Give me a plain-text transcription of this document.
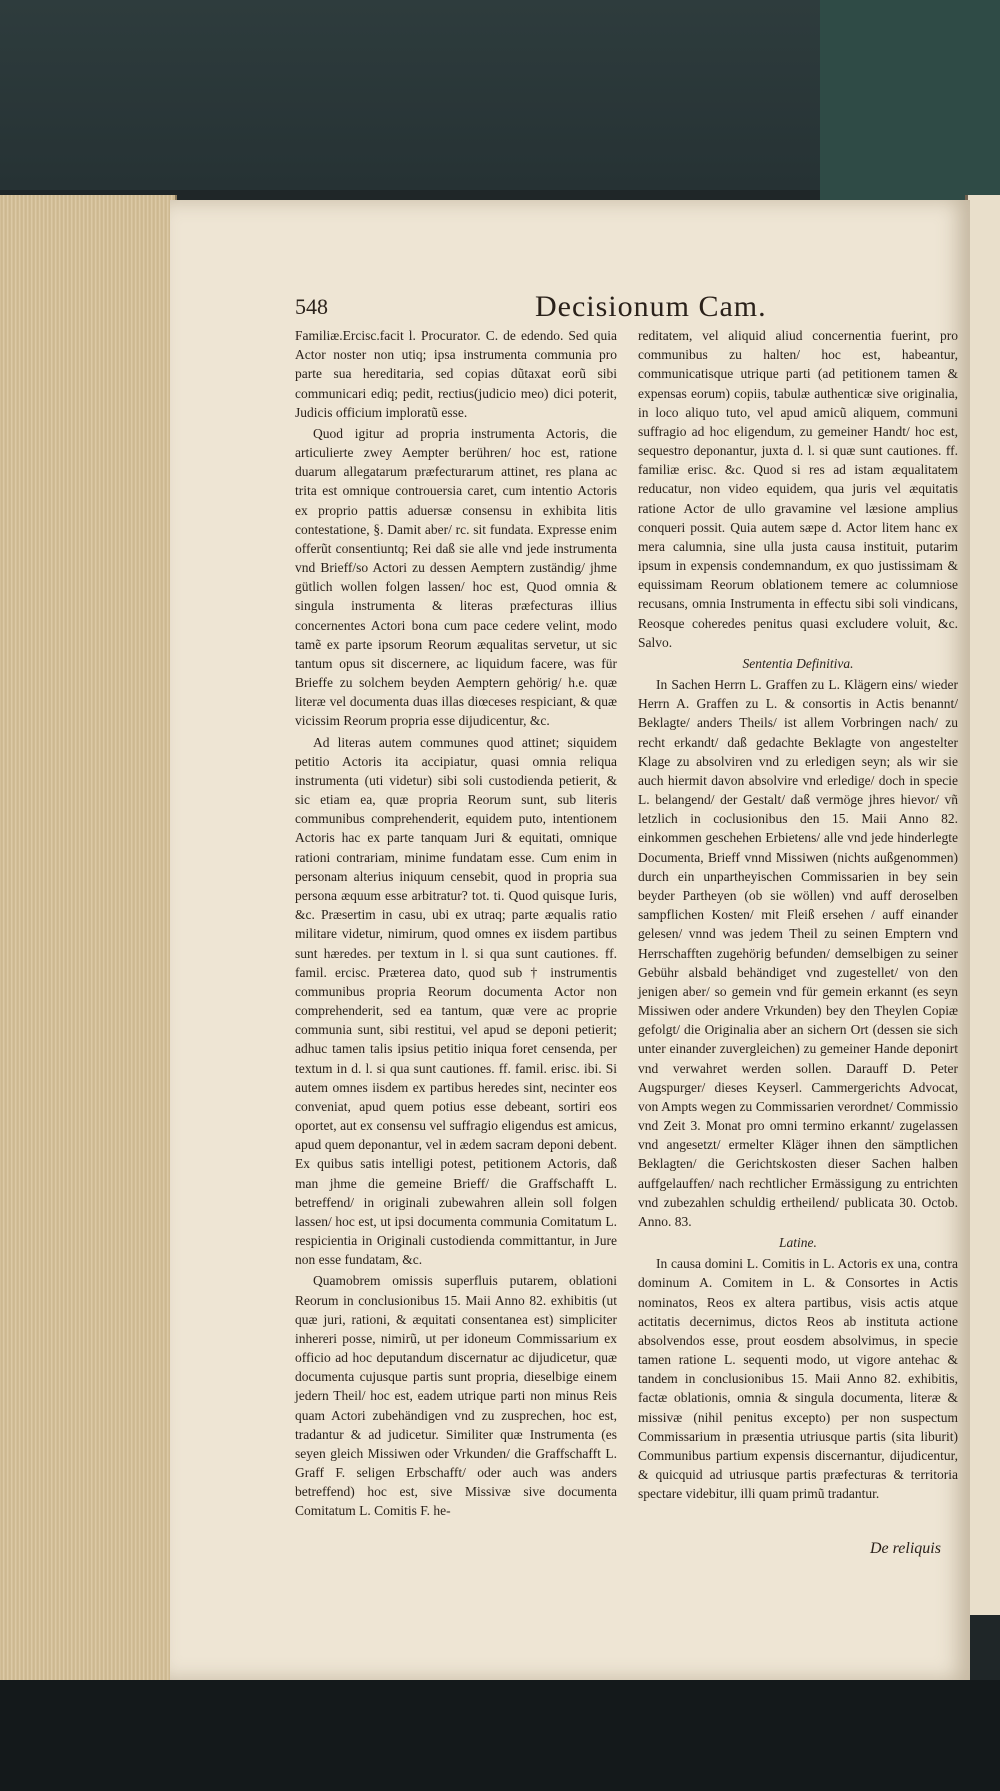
548	Decisionum Cam.

Familiæ.Ercisc.facit l. Procurator. C. de edendo. Sed quia Actor noster non utiq; ipsa instrumenta communia pro parte sua hereditaria, sed copias dũtaxat eorũ sibi communicari ediq; pedit, rectius(judicio meo) dici poterit, Judicis officium imploratũ esse.

Quod igitur ad propria instrumenta Actoris, die articulierte zwey Aempter berühren/ hoc est, ratione duarum allegatarum præfecturarum attinet, res plana ac trita est omnique controuersia caret, cum intentio Actoris ex proprio pattis aduersæ consensu in exhibita litis contestatione, §. Damit aber/ rc. sit fundata. Expresse enim offerũt consentiuntq; Rei daß sie alle vnd jede instrumenta vnd Brieff/so Actori zu dessen Aemptern zuständig/ jhme gütlich wollen folgen lassen/ hoc est, Quod omnia & singula instrumenta & literas præfecturas illius concernentes Actori bona cum pace cedere velint, modo tamẽ ex parte ipsorum Reorum æqualitas servetur, ut sic tantum opus sit discernere, ac liquidum facere, was für Brieffe zu solchem beyden Aemptern gehörig/ h.e. quæ literæ vel documenta duas illas diœceses respiciant, & quæ vicissim Reorum propria esse dijudicentur, &c.

Ad literas autem communes quod attinet; siquidem petitio Actoris ita accipiatur, quasi omnia reliqua instrumenta (uti videtur) sibi soli custodienda petierit, & sic etiam ea, quæ propria Reorum sunt, sub literis communibus comprehenderit, equidem puto, intentionem Actoris hac ex parte tanquam Juri & equitati, omnique rationi contrariam, minime fundatam esse. Cum enim in personam alterius iniquum censebit, quod in propria sua persona æquum esse arbitratur? tot. ti. Quod quisque Iuris, &c. Præsertim in casu, ubi ex utraq; parte æqualis ratio militare videtur, nimirum, quod omnes ex iisdem partibus sunt hæredes. per textum in l. si qua sunt cautiones. ff. famil. ercisc. Præterea dato, quod sub † instrumentis communibus propria Reorum documenta Actor non comprehenderit, sed ea tantum, quæ vere ac proprie communia sunt, sibi restitui, vel apud se deponi petierit; adhuc tamen talis ipsius petitio iniqua foret censenda, per textum in d. l. si qua sunt cautiones. ff. famil. erisc. ibi. Si autem omnes iisdem ex partibus heredes sint, necinter eos conveniat, apud quem potius esse debeant, sortiri eos oportet, aut ex consensu vel suffragio eligendus est amicus, apud quem deponantur, vel in ædem sacram deponi debent. Ex quibus satis intelligi potest, petitionem Actoris, daß man jhme die gemeine Brieff/ die Graffschafft L. betreffend/ in originali zubewahren allein soll folgen lassen/ hoc est, ut ipsi documenta communia Comitatum L. respicientia in Originali custodienda committantur, in Jure non esse fundatam, &c.

Quamobrem omissis superfluis putarem, oblationi Reorum in conclusionibus 15. Maii Anno 82. exhibitis (ut quæ juri, rationi, & æquitati consentanea est) simpliciter inhereri posse, nimirũ, ut per idoneum Commissarium ex officio ad hoc deputandum discernatur ac dijudicetur, quæ documenta cujusque partis sunt propria, dieselbige einem jedern Theil/ hoc est, eadem utrique parti non minus Reis quam Actori zubehändigen vnd zu zusprechen, hoc est, tradantur & ad judicetur. Similiter quæ Instrumenta (es seyen gleich Missiwen oder Vrkunden/ die Graffschafft L. Graff F. seligen Erbschafft/ oder auch was anders betreffend) hoc est, sive Missivæ sive documenta Comitatum L. Comitis F. he-

reditatem, vel aliquid aliud concernentia fuerint, pro communibus zu halten/ hoc est, habeantur, communicatisque utrique parti (ad petitionem tamen & expensas eorum) copiis, tabulæ authenticæ sive originalia, in loco aliquo tuto, vel apud amicũ aliquem, communi suffragio ad hoc eligendum, zu gemeiner Handt/ hoc est, sequestro deponantur, juxta d. l. si quæ sunt cautiones. ff. familiæ erisc. &c. Quod si res ad istam æqualitatem reducatur, non video equidem, qua juris vel æquitatis ratione Actor de ullo gravamine vel læsione amplius conqueri possit. Quia autem sæpe d. Actor litem hanc ex mera calumnia, sine ulla justa causa instituit, putarim ipsum in expensis condemnandum, ex quo justissimam & equissimam Reorum oblationem temere ac columniose recusans, omnia Instrumenta in effectu sibi soli vindicans, Reosque coheredes penitus quasi excludere voluit, &c. Salvo.

Sententia Definitiva.

In Sachen Herrn L. Graffen zu L. Klägern eins/ wieder Herrn A. Graffen zu L. & consortis in Actis benannt/ Beklagte/ anders Theils/ ist allem Vorbringen nach/ zu recht erkandt/ daß gedachte Beklagte von angestelter Klage zu absolviren vnd zu erledigen seyn; als wir sie auch hiermit davon absolvire vnd erledige/ doch in specie L. belangend/ der Gestalt/ daß vermöge jhres hievor/ vñ letzlich in coclusionibus den 15. Maii Anno 82. einkommen geschehen Erbietens/ alle vnd jede hinderlegte Documenta, Brieff vnnd Missiwen (nichts außgenommen) durch ein unpartheyischen Commissarien in bey sein beyder Partheyen (ob sie wöllen) vnd auff deroselben sampflichen Kosten/ mit Fleiß ersehen / auff einander gelesen/ vnnd was jedem Theil zu seinen Emptern vnd Herrschafften zugehörig befunden/ demselbigen zu seiner Gebühr alsbald behändiget vnd zugestellet/ von den jenigen aber/ so gemein vnd für gemein erkannt (es seyn Missiwen oder andere Vrkunden) bey den Theylen Copiæ gefolgt/ die Originalia aber an sichern Ort (dessen sie sich unter einander zuvergleichen) zu gemeiner Hande deponirt vnd verwahret werden sollen. Darauff D. Peter Augspurger/ dieses Keyserl. Cammergerichts Advocat, von Ampts wegen zu Commissarien verordnet/ Commissio vnd Zeit 3. Monat pro omni termino erkannt/ zugelassen vnd angesetzt/ ermelter Kläger ihnen den sämptlichen Beklagten/ die Gerichtskosten dieser Sachen halben auffgelauffen/ nach rechtlicher Ermässigung zu entrichten vnd zubezahlen schuldig ertheilend/ publicata 30. Octob. Anno. 83.

Latine.

In causa domini L. Comitis in L. Actoris ex una, contra dominum A. Comitem in L. & Consortes in Actis nominatos, Reos ex altera partibus, visis actis atque actitatis decernimus, dictos Reos ab instituta actione absolvendos esse, prout eosdem absolvimus, in specie tamen ratione L. sequenti modo, ut vigore antehac & tandem in conclusionibus 15. Maii Anno 82. exhibitis, factæ oblationis, omnia & singula documenta, literæ & missivæ (nihil penitus excepto) per non suspectum Commissarium in præsentia utriusque partis (sita liburit) Communibus partium expensis discernantur, dijudicentur, & quicquid ad utriusque partis præfecturas & territoria spectare videbitur, illi quam primũ tradantur.

De reliquis
